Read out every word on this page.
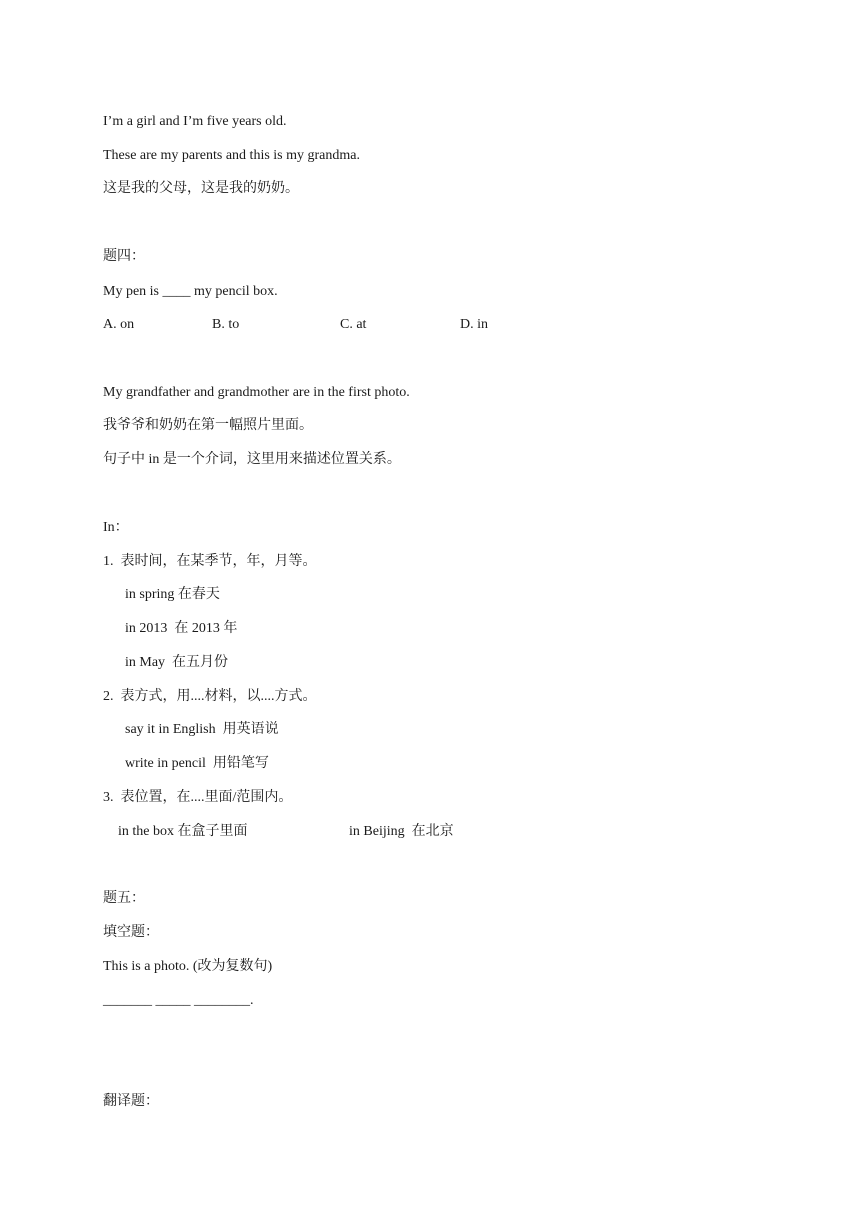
I’m a girl and I’m five years old.
These are my parents and this is my grandma.
这是我的父母，这是我的奶奶。
题四：
My pen is ____ my pencil box.
A. on	B. to	C. at	D. in
My grandfather and grandmother are in the first photo.
我爷爷和奶奶在第一幅照片里面。
句子中 in 是一个介词，这里用来描述位置关系。
In：
1.  表时间，在某季节，年，月等。
in spring 在春天
in 2013  在 2013 年
in May  在五月份
2.  表方式，用....材料，以....方式。
say it in English  用英语说
write in pencil  用铅笔写
3.  表位置，在....里面/范围内。
in the box 在盒子里面	in Beijing  在北京
题五：
填空题：
This is a photo. (改为复数句)
_______ _____ ________.
翻译题：
